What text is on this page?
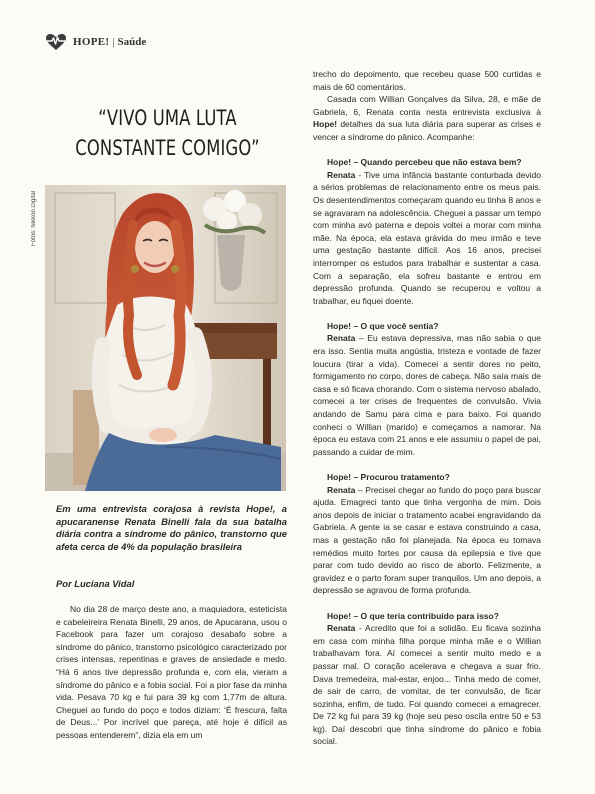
HOPE! | Saúde
“VIVO UMA LUTA
CONSTANTE COMIGO”
Fotos: Nikkon Digital
Em uma entrevista corajosa à revista Hope!, a apucaranense Renata Binelli fala da sua batalha diária contra a síndrome do pânico, transtorno que afeta cerca de 4% da população brasileira
Por Luciana Vidal

No dia 28 de março deste ano, a maquiadora, esteticista e cabeleireira Renata Binelli, 29 anos, de Apucarana, usou o Facebook para fazer um corajoso desabafo sobre a síndrome do pânico, transtorno psicológico caracterizado por crises intensas, repentinas e graves de ansiedade e medo. “Há 6 anos tive depressão profunda e, com ela, vieram a síndrome do pânico e a fobia social. Foi a pior fase da minha vida. Pesava 70 kg e fui para 39 kg com 1,77m de altura. Cheguei ao fundo do poço e todos diziam: ‘É frescura, falta de Deus...’ Por incrível que pareça, até hoje é difícil as pessoas entenderem”, dizia ela em um

trecho do depoimento, que recebeu quase 500 curtidas e mais de 60 comentários.

Casada com Willian Gonçalves da Silva, 28, e mãe de Gabriela, 6, Renata conta nesta entrevista exclusiva à Hope! detalhes da sua luta diária para superar as crises e vencer a síndrome do pânico. Acompanhe:

Hope! – Quando percebeu que não estava bem?

Renata - Tive uma infância bastante conturbada devido a sérios problemas de relacionamento entre os meus pais. Os desentendimentos começaram quando eu tinha 8 anos e se agravaram na adolescência. Cheguei a passar um tempo com minha avó paterna e depois voltei a morar com minha mãe. Na época, ela estava grávida do meu irmão e teve uma gestação bastante difícil. Aos 16 anos, precisei interromper os estudos para trabalhar e sustentar a casa. Com a separação, ela sofreu bastante e entrou em depressão profunda. Quando se recuperou e voltou a trabalhar, eu fiquei doente.

Hope! – O que você sentia?

Renata – Eu estava depressiva, mas não sabia o que era isso. Sentia muita angústia, tristeza e vontade de fazer loucura (tirar a vida). Comecei a sentir dores no peito, formigamento no corpo, dores de cabeça. Não saía mais de casa e só ficava chorando. Com o sistema nervoso abalado, comecei a ter crises de frequentes de convulsão. Vivia andando de Samu para cima e para baixo. Foi quando conheci o Willian (marido) e começamos a namorar. Na época eu estava com 21 anos e ele assumiu o papel de pai, passando a cuidar de mim.

Hope! – Procurou tratamento?

Renata – Precisei chegar ao fundo do poço para buscar ajuda. Emagreci tanto que tinha vergonha de mim. Dois anos depois de iniciar o tratamento acabei engravidando da Gabriela. A gente ia se casar e estava construindo a casa, mas a gestação não foi planejada. Na época eu tomava remédios muito fortes por causa da epilepsia e tive que parar com tudo devido ao risco de aborto. Felizmente, a gravidez e o parto foram super tranquilos. Um ano depois, a depressão se agravou de forma profunda.

Hope! – O que teria contribuído para isso?

Renata - Acredito que foi a solidão. Eu ficava sozinha em casa com minha filha porque minha mãe e o Willian trabalhavam fora. Aí comecei a sentir muito medo e a passar mal. O coração acelerava e chegava a suar frio. Dava tremedeira, mal-estar, enjoo... Tinha medo de comer, de sair de carro, de vomitar, de ter convulsão, de ficar sozinha, enfim, de tudo. Foi quando comecei a emagrecer. De 72 kg fui para 39 kg (hoje seu peso oscila entre 50 e 53 kg). Daí descobri que tinha síndrome do pânico e fobia social.
